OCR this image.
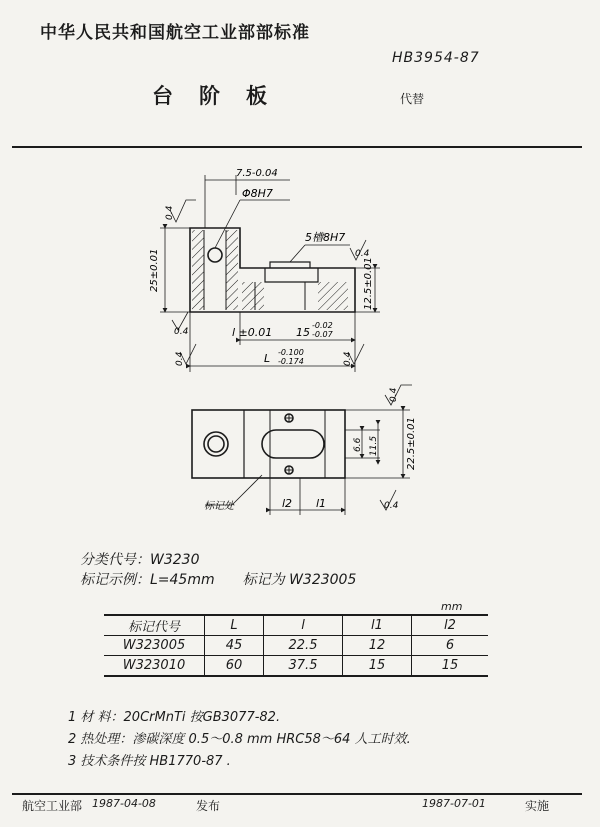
中华人民共和国航空工业部部标准
台阶板
HB3954-87
代替
7.5-0.04
Φ8H7
5槽8H7
25±0.01	12.5±0.01
0.4
0.4
0.4	0.4
0.4
l ±0.01 15
-0.02
-0.07
L -0.100
-0.174
6.6 11.5	22.5±0.01
0.4
0.4
标记处	l2 l1
分类代号：W3230
标记示例：L=45mm 标记为 W323005
mm
标记代号	L	l	l1	l2
W323005	45	22.5	12	6
W323010	60	37.5	15	15
1 材 料：20CrMnTi 按GB3077-82.
2 热处理：渗碳深度 0.5～0.8 mm HRC58～64 人工时效.
3 技术条件按 HB1770-87 .
航空工业部 1987-04-08	发布	1987-07-01	实施
